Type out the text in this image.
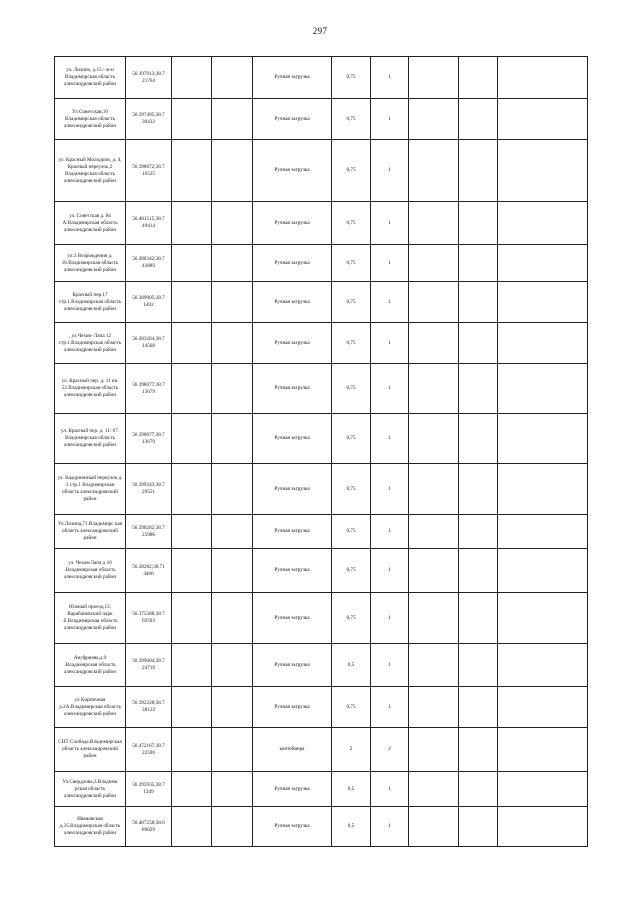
297
ул. Лизина, д.15 - м-н Владимирская область александровский район	56.397913;38.7 21764			Ручная загрузка	0,75	1			
Ул.Советская,10 Владимирская область александровский район	56.397495;38.7 30432			Ручная загрузка	0,75	1			
ул. Красный Молодкин, д. 4, Красный переулок,2 Владимирская область александровский район	56.398072;38.7 16525			Ручная загрузка	0,75	1			
ул. Советская д. 84 А.Владимирская область александровский район	56.401515;38.7 49414			Ручная загрузка	0,75	1			
ул.3 Возрождения д. 10.Владимирская область александровский район	56.388342;38.7 43889			Ручная загрузка	0,75	1			
Красный пер.17 стр.1.Владимирская область александровский район	56.389005;38.7 1402			Ручная загрузка	0,75	1			
, ул.Чехов- Лапа 12 стр.1.Владимирская область александровский район	56.383264;38.7 14568			Ручная загрузка	0,75	1			
ул. Красный пер. д. 11 кв. 52.Владимирская область александровский район	56.398077;38.7 13679			Ручная загрузка	0,75	1			
ул. Красный пер. д. 11/ 67. Владимирская область александровский район	56.398077;38.7 13679			Ручная загрузка	0,75	1			
ул. Кадорнинный переулок д. 3 стр.1 Владимирская область александровский район	56.399343;38.7 20551			Ручная загрузка	0,75	1			
Ул.Лизина,71.Владимирс кая область александровский район	56.398282;38.7 25986			Ручная загрузка	0,75	1			
ул. Чехов-Лапа д 10 .Владимирская область александровский район	56.38282;38.71 4406			Ручная загрузка	0,75	1			
Южный проезд,15, Карабановский парк .б.Владимирская область александровский район	56.375588;38.7 02593			Ручная загрузка	0,75	1			
Ануфриева,д.9 .Владимирская область александровский район	56.399004;38.7 24719			Ручная загрузка	0,5	1			
ул Кирпичная д.2А.Владимирская область александровский район	56.392228;38.7 38122			Ручная загрузка	0,75	1			
СНТ Слобода.Владимирская область александровский район	56.472167;38.7 22596			контейнера	2	2			
Ул.Свердлова,3.Владими рская область александровский район	56.395935;38.7 1349			Ручная загрузка	0,5	1			
Ивановская д.35.Владимирская область александровский район	56.407258;38.6 89029			Ручная загрузка	0,5	1			
